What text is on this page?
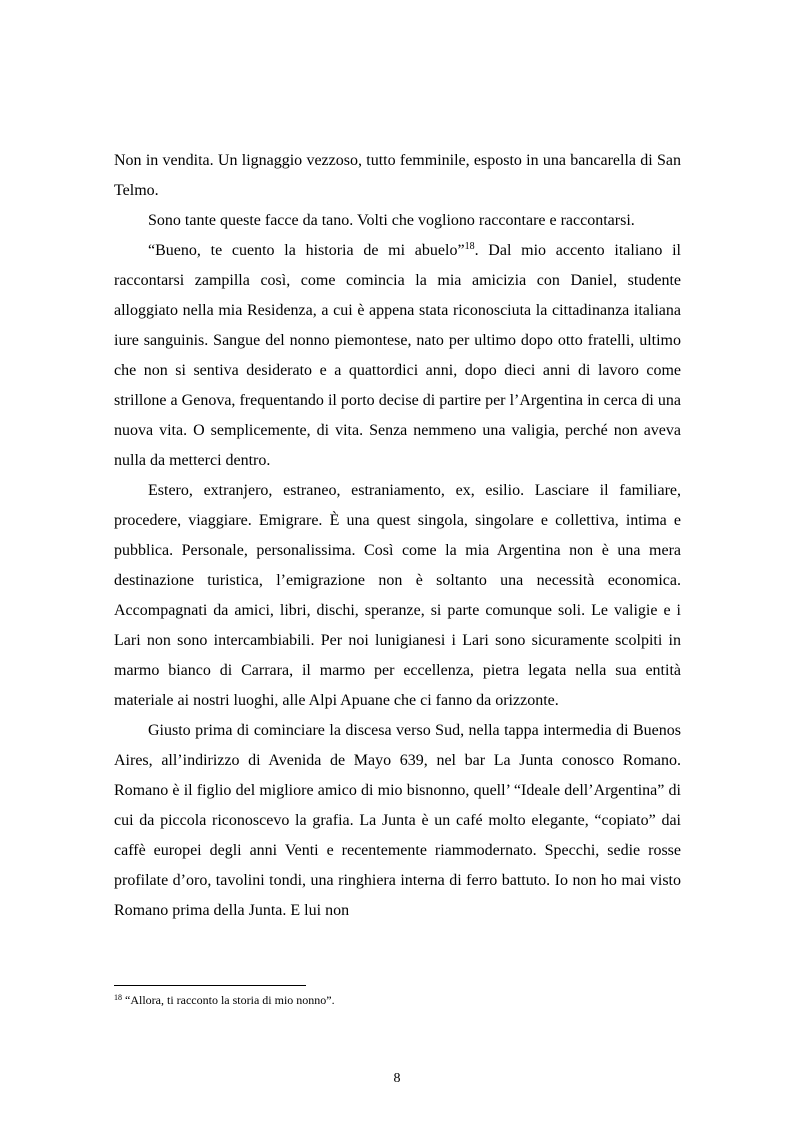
Non in vendita. Un lignaggio vezzoso, tutto femminile, esposto in una bancarella di San Telmo.

Sono tante queste facce da tano. Volti che vogliono raccontare e raccontarsi.

“Bueno, te cuento la historia de mi abuelo”$^{18}$. Dal mio accento italiano il raccontarsi zampilla così, come comincia la mia amicizia con Daniel, studente alloggiato nella mia Residenza, a cui è appena stata riconosciuta la cittadinanza italiana iure sanguinis. Sangue del nonno piemontese, nato per ultimo dopo otto fratelli, ultimo che non si sentiva desiderato e a quattordici anni, dopo dieci anni di lavoro come strillone a Genova, frequentando il porto decise di partire per l’Argentina in cerca di una nuova vita. O semplicemente, di vita. Senza nemmeno una valigia, perché non aveva nulla da metterci dentro.

Estero, extranjero, estraneo, estraniamento, ex, esilio. Lasciare il familiare, procedere, viaggiare. Emigrare. È una quest singola, singolare e collettiva, intima e pubblica. Personale, personalissima. Così come la mia Argentina non è una mera destinazione turistica, l’emigrazione non è soltanto una necessità economica. Accompagnati da amici, libri, dischi, speranze, si parte comunque soli. Le valigie e i Lari non sono intercambiabili. Per noi lunigianesi i Lari sono sicuramente scolpiti in marmo bianco di Carrara, il marmo per eccellenza, pietra legata nella sua entità materiale ai nostri luoghi, alle Alpi Apuane che ci fanno da orizzonte.

Giusto prima di cominciare la discesa verso Sud, nella tappa intermedia di Buenos Aires, all’indirizzo di Avenida de Mayo 639, nel bar La Junta conosco Romano. Romano è il figlio del migliore amico di mio bisnonno, quell’ “Ideale dell’Argentina” di cui da piccola riconoscevo la grafia. La Junta è un café molto elegante, “copiato” dai caffè europei degli anni Venti e recentemente riammodernato. Specchi, sedie rosse profilate d’oro, tavolini tondi, una ringhiera interna di ferro battuto. Io non ho mai visto Romano prima della Junta. E lui non

$^{18}$ “Allora, ti racconto la storia di mio nonno”.
8
